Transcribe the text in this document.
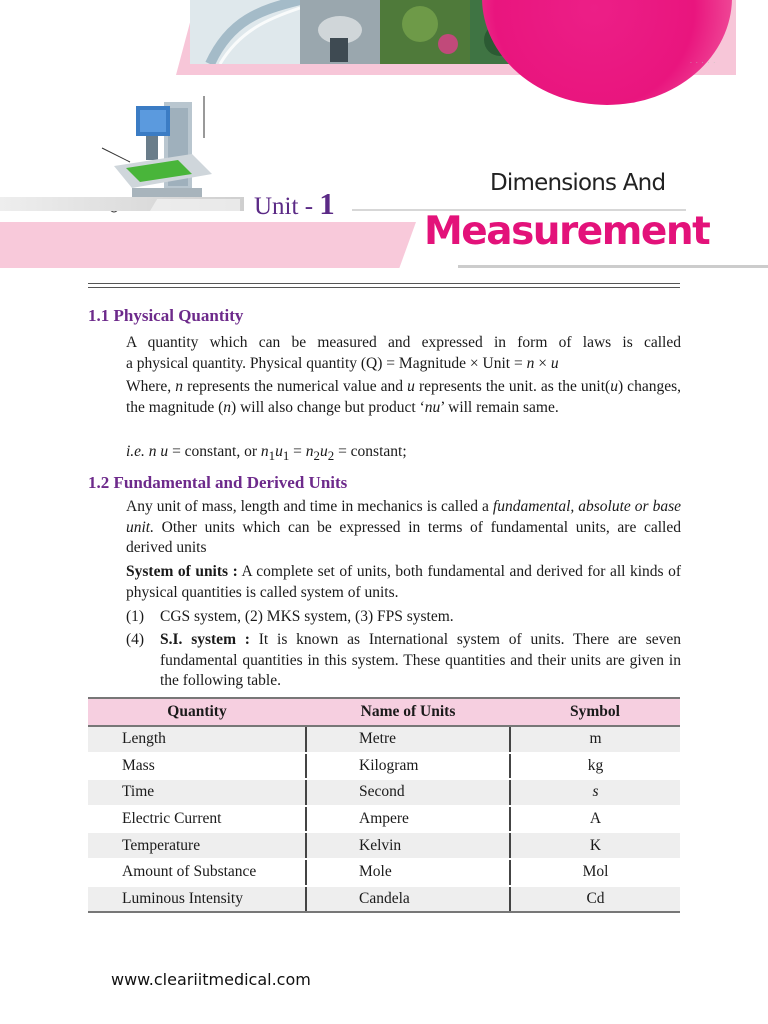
· · · · ·
Unit - 1
Dimensions And
Measurement
1.1 Physical Quantity
A quantity which can be measured and expressed in form of laws is called
a physical quantity. Physical quantity (Q) = Magnitude × Unit = n × u
Where, n represents the numerical value and u represents the unit. as the unit(u) changes, the magnitude (n) will also change but product ‘nu’ will remain same.
i.e. n u = constant, or $n_1u_1 = n_2u_2$ = constant;
1.2 Fundamental and Derived Units
Any unit of mass, length and time in mechanics is called a fundamental, absolute or base unit. Other units which can be expressed in terms of fundamental units, are called derived units
System of units : A complete set of units, both fundamental and derived for all kinds of physical quantities is called system of units.
(1) CGS system, (2) MKS system, (3) FPS system.
(4) S.I. system : It is known as International system of units. There are seven fundamental quantities in this system. These quantities and their units are given in the following table.
Quantity	Name of Units	Symbol
Length	Metre	m
Mass	Kilogram	kg
Time	Second	s
Electric Current	Ampere	A
Temperature	Kelvin	K
Amount of Substance	Mole	Mol
Luminous Intensity	Candela	Cd
www.cleariitmedical.com
